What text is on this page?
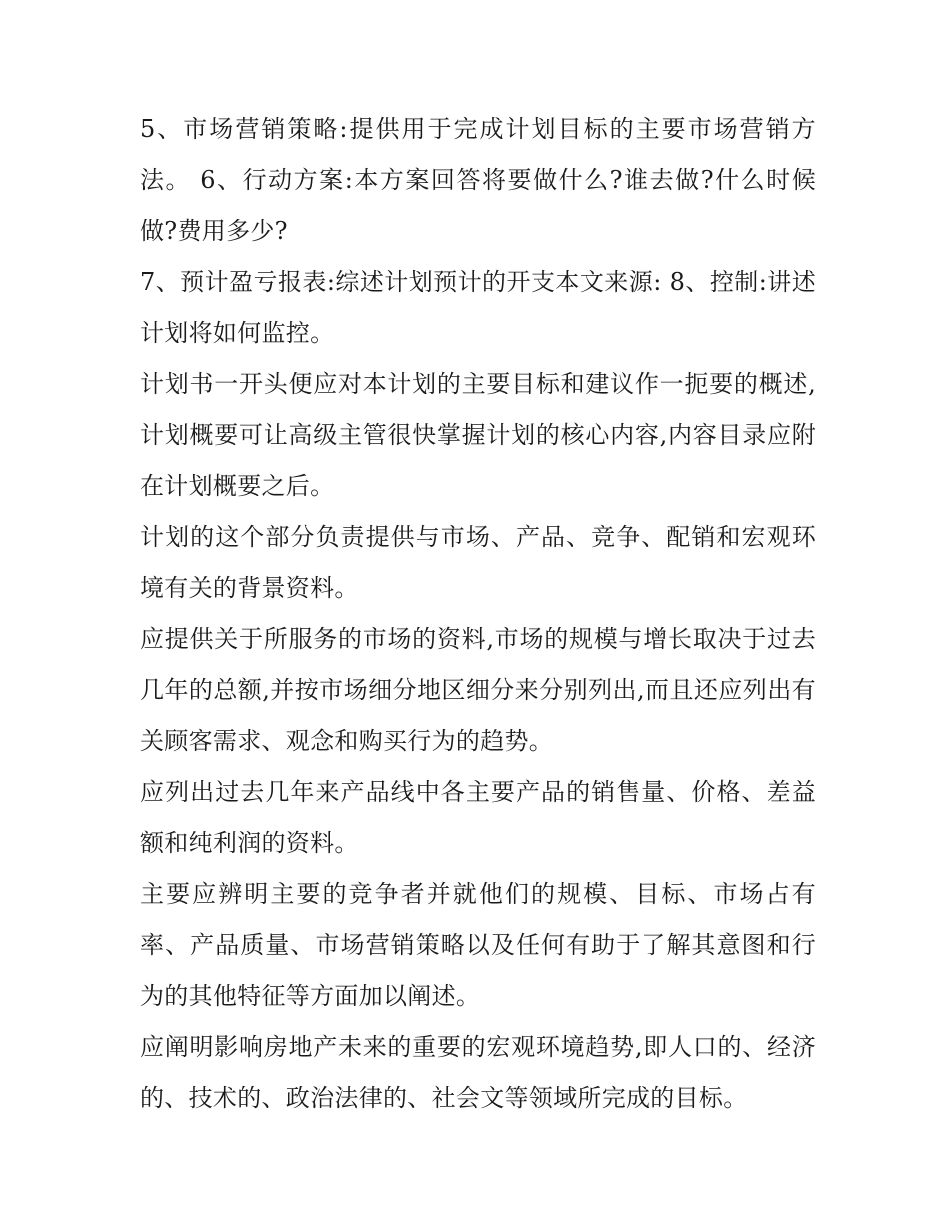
5、市场营销策略:提供用于完成计划目标的主要市场营销方法。 6、行动方案:本方案回答将要做什么?谁去做?什么时候做?费用多少?

7、预计盈亏报表:综述计划预计的开支本文来源: 8、控制:讲述计划将如何监控。

计划书一开头便应对本计划的主要目标和建议作一扼要的概述,计划概要可让高级主管很快掌握计划的核心内容,内容目录应附在计划概要之后。

计划的这个部分负责提供与市场、产品、竞争、配销和宏观环境有关的背景资料。

应提供关于所服务的市场的资料,市场的规模与增长取决于过去几年的总额,并按市场细分地区细分来分别列出,而且还应列出有关顾客需求、观念和购买行为的趋势。

应列出过去几年来产品线中各主要产品的销售量、价格、差益额和纯利润的资料。

主要应辨明主要的竞争者并就他们的规模、目标、市场占有率、产品质量、市场营销策略以及任何有助于了解其意图和行为的其他特征等方面加以阐述。

应阐明影响房地产未来的重要的宏观环境趋势,即人口的、经济的、技术的、政治法律的、社会文等领域所完成的目标。
